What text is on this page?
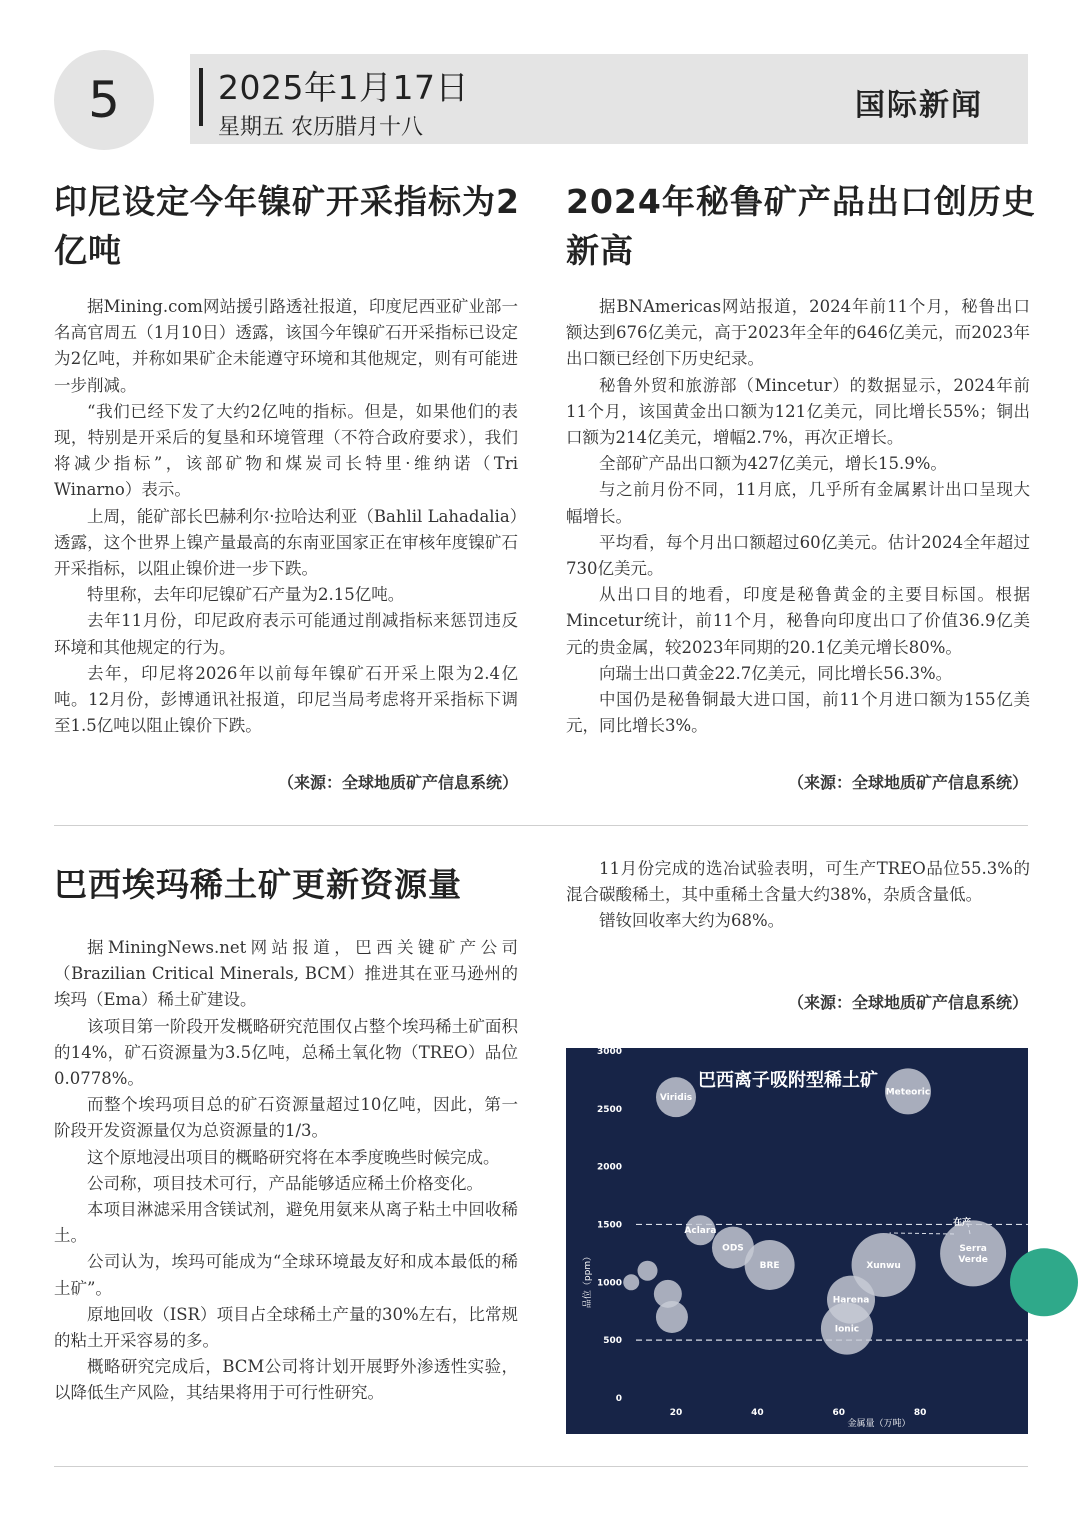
5	2025年1月17日
星期五 农历腊月十八
国际新闻
印尼设定今年镍矿开采指标为2亿吨

据Mining.com网站援引路透社报道，印度尼西亚矿业部一名高官周五（1月10日）透露，该国今年镍矿石开采指标已设定为2亿吨，并称如果矿企未能遵守环境和其他规定，则有可能进一步削减。

“我们已经下发了大约2亿吨的指标。但是，如果他们的表现，特别是开采后的复垦和环境管理（不符合政府要求），我们将减少指标”，该部矿物和煤炭司长特里·维纳诺（Tri Winarno）表示。

上周，能矿部长巴赫利尔·拉哈达利亚（Bahlil Lahadalia）透露，这个世界上镍产量最高的东南亚国家正在审核年度镍矿石开采指标，以阻止镍价进一步下跌。

特里称，去年印尼镍矿石产量为2.15亿吨。

去年11月份，印尼政府表示可能通过削减指标来惩罚违反环境和其他规定的行为。

去年，印尼将2026年以前每年镍矿石开采上限为2.4亿吨。12月份，彭博通讯社报道，印尼当局考虑将开采指标下调至1.5亿吨以阻止镍价下跌。

（来源：全球地质矿产信息系统）
2024年秘鲁矿产品出口创历史新高

据BNAmericas网站报道，2024年前11个月，秘鲁出口额达到676亿美元，高于2023年全年的646亿美元，而2023年出口额已经创下历史纪录。

秘鲁外贸和旅游部（Mincetur）的数据显示，2024年前11个月，该国黄金出口额为121亿美元，同比增长55%；铜出口额为214亿美元，增幅2.7%，再次正增长。

全部矿产品出口额为427亿美元，增长15.9%。

与之前月份不同，11月底，几乎所有金属累计出口呈现大幅增长。

平均看，每个月出口额超过60亿美元。估计2024全年超过730亿美元。

从出口目的地看，印度是秘鲁黄金的主要目标国。根据Mincetur统计，前11个月，秘鲁向印度出口了价值36.9亿美元的贵金属，较2023年同期的20.1亿美元增长80%。

向瑞士出口黄金22.7亿美元，同比增长56.3%。

中国仍是秘鲁铜最大进口国，前11个月进口额为155亿美元，同比增长3%。

（来源：全球地质矿产信息系统）
巴西埃玛稀土矿更新资源量

据MiningNews.net网站报道，巴西关键矿产公司（Brazilian Critical Minerals, BCM）推进其在亚马逊州的埃玛（Ema）稀土矿建设。

该项目第一阶段开发概略研究范围仅占整个埃玛稀土矿面积的14%，矿石资源量为3.5亿吨，总稀土氧化物（TREO）品位0.0778%。

而整个埃玛项目总的矿石资源量超过10亿吨，因此，第一阶段开发资源量仅为总资源量的1/3。

这个原地浸出项目的概略研究将在本季度晚些时候完成。

公司称，项目技术可行，产品能够适应稀土价格变化。

本项目淋滤采用含镁试剂，避免用氨来从离子粘土中回收稀土。

公司认为，埃玛可能成为“全球环境最友好和成本最低的稀土矿”。

原地回收（ISR）项目占全球稀土产量的30%左右，比常规的粘土开采容易的多。

概略研究完成后，BCM公司将计划开展野外渗透性实验，以降低生产风险，其结果将用于可行性研究。

11月份完成的选冶试验表明，可生产TREO品位55.3%的混合碳酸稀土，其中重稀土含量大约38%，杂质含量低。

镨钕回收率大约为68%。

（来源：全球地质矿产信息系统）
巴西离子吸附型稀土矿
品位（ppm）
金属量（万吨）
0
500
1000
1500
2000
2500
3000
3500
20	40	60	80
在产
Viridis
Meteoric
Aclara
ODS
BRE	Xunwu
Serra
Verde
Harena
Ionic
